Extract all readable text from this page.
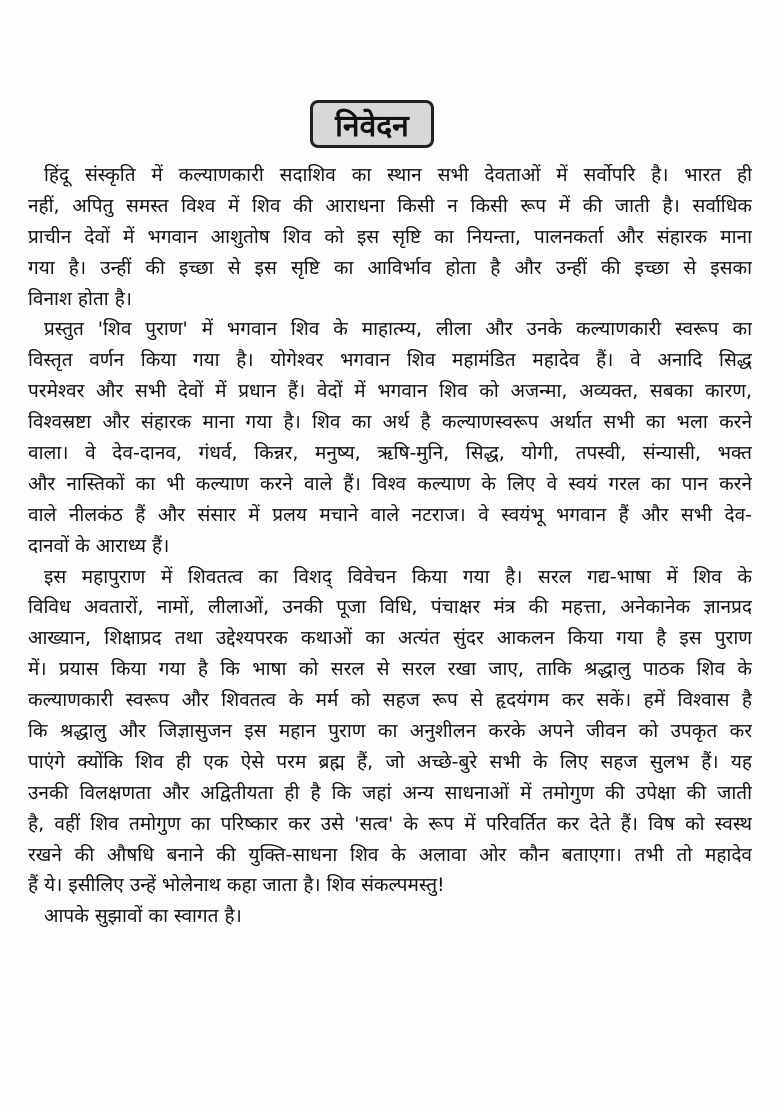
निवेदन
हिंदू संस्कृति में कल्याणकारी सदाशिव का स्थान सभी देवताओं में सर्वोपरि है। भारत ही
नहीं, अपितु समस्त विश्व में शिव की आराधना किसी न किसी रूप में की जाती है। सर्वाधिक
प्राचीन देवों में भगवान आशुतोष शिव को इस सृष्टि का नियन्ता, पालनकर्ता और संहारक माना
गया है। उन्हीं की इच्छा से इस सृष्टि का आविर्भाव होता है और उन्हीं की इच्छा से इसका
विनाश होता है।
प्रस्तुत 'शिव पुराण' में भगवान शिव के माहात्म्य, लीला और उनके कल्याणकारी स्वरूप का
विस्तृत वर्णन किया गया है। योगेश्वर भगवान शिव महामंडित महादेव हैं। वे अनादि सिद्ध
परमेश्वर और सभी देवों में प्रधान हैं। वेदों में भगवान शिव को अजन्मा, अव्यक्त, सबका कारण,
विश्वस्रष्टा और संहारक माना गया है। शिव का अर्थ है कल्याणस्वरूप अर्थात सभी का भला करने
वाला। वे देव-दानव, गंधर्व, किन्नर, मनुष्य, ऋषि-मुनि, सिद्ध, योगी, तपस्वी, संन्यासी, भक्त
और नास्तिकों का भी कल्याण करने वाले हैं। विश्व कल्याण के लिए वे स्वयं गरल का पान करने
वाले नीलकंठ हैं और संसार में प्रलय मचाने वाले नटराज। वे स्वयंभू भगवान हैं और सभी देव-
दानवों के आराध्य हैं।
इस महापुराण में शिवतत्व का विशद् विवेचन किया गया है। सरल गद्य-भाषा में शिव के
विविध अवतारों, नामों, लीलाओं, उनकी पूजा विधि, पंचाक्षर मंत्र की महत्ता, अनेकानेक ज्ञानप्रद
आख्यान, शिक्षाप्रद तथा उद्देश्यपरक कथाओं का अत्यंत सुंदर आकलन किया गया है इस पुराण
में। प्रयास किया गया है कि भाषा को सरल से सरल रखा जाए, ताकि श्रद्धालु पाठक शिव के
कल्याणकारी स्वरूप और शिवतत्व के मर्म को सहज रूप से हृदयंगम कर सकें। हमें विश्वास है
कि श्रद्धालु और जिज्ञासुजन इस महान पुराण का अनुशीलन करके अपने जीवन को उपकृत कर
पाएंगे क्योंकि शिव ही एक ऐसे परम ब्रह्म हैं, जो अच्छे-बुरे सभी के लिए सहज सुलभ हैं। यह
उनकी विलक्षणता और अद्वितीयता ही है कि जहां अन्य साधनाओं में तमोगुण की उपेक्षा की जाती
है, वहीं शिव तमोगुण का परिष्कार कर उसे 'सत्व' के रूप में परिवर्तित कर देते हैं। विष को स्वस्थ
रखने की औषधि बनाने की युक्ति-साधना शिव के अलावा ओर कौन बताएगा। तभी तो महादेव
हैं ये। इसीलिए उन्हें भोलेनाथ कहा जाता है। शिव संकल्पमस्तु!
आपके सुझावों का स्वागत है।
